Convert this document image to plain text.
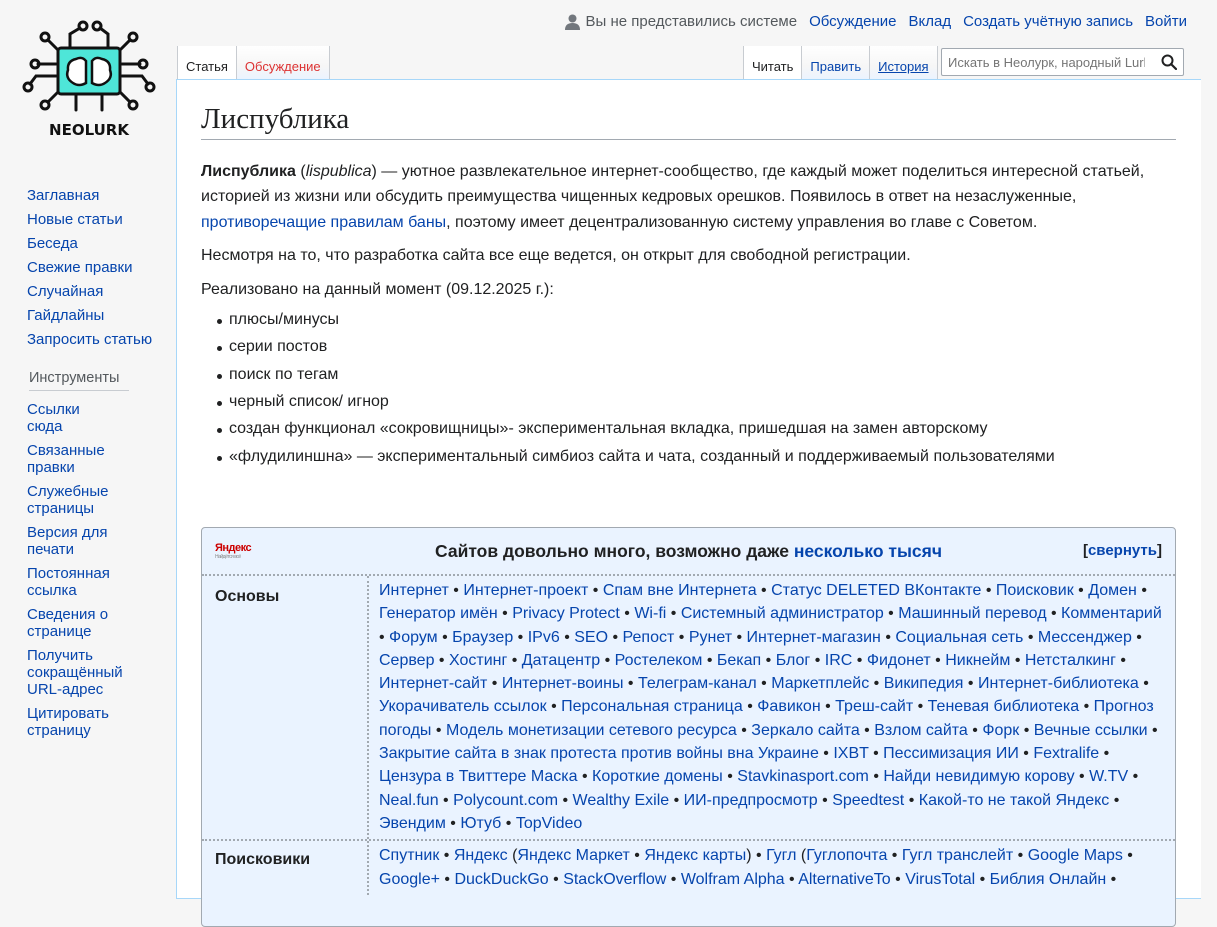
NEOLURK
Вы не представились системе Обсуждение Вклад Создать учётную запись Войти
Статья	Обсуждение	Читать	Править	История
Искать в Неолурк, народный Lurkmore
Заглавная
Новые статьи
Беседа
Свежие правки
Случайная
Гайдлайны
Запросить статью
Инструменты
Ссылки сюда
Связанные правки
Служебные страницы
Версия для печати
Постоянная ссылка
Сведения о странице
Получить сокращённый URL-адрес
Цитировать страницу
Лиспублика

Лиспублика (lispublica) — уютное развлекательное интернет-сообщество, где каждый может поделиться интересной статьей, историей из жизни или обсудить преимущества чищенных кедровых орешков. Появилось в ответ на незаслуженные, противоречащие правилам баны, поэтому имеет децентрализованную систему управления во главе с Советом.

Несмотря на то, что разработка сайта все еще ведется, он открыт для свободной регистрации.

Реализовано на данный момент (09.12.2025 г.):

плюсы/минусы
серии постов
поиск по тегам
черный список/ игнор
создан функционал «сокровищницы»- экспериментальная вкладка, пришедшая на замен авторскому
«флудилиншна» — экспериментальный симбиоз сайта и чата, созданный и поддерживаемый пользователями
Яндекс
Найдётся всё	Сайтов довольно много, возможно даже
несколько тысяч	[свернуть]
Основы	Интернет • Интернет-проект • Спам вне Интернета • Статус DELETED ВКонтакте • Поисковик • Домен • Генератор имён • Privacy Protect • Wi-fi • Системный администратор • Машинный перевод • Комментарий • Форум • Браузер • IPv6 • SEO • Репост • Рунет • Интернет-магазин • Социальная сеть • Мессенджер • Сервер • Хостинг • Датацентр • Ростелеком • Бекап • Блог • IRC • Фидонет • Никнейм • Нетсталкинг • Интернет-сайт • Интернет-воины • Телеграм-канал • Маркетплейс • Википедия • Интернет-библиотека • Укорачиватель ссылок • Персональная страница • Фавикон • Треш-сайт • Теневая библиотека • Прогноз погоды • Модель монетизации сетевого ресурса • Зеркало сайта • Взлом сайта • Форк • Вечные ссылки • Закрытие сайта в знак протеста против войны вна Украине • IXBT • Пессимизация ИИ • Fextralife • Цензура в Твиттере Маска • Короткие домены • Stavkinasport.com • Найди невидимую корову • W.TV • Neal.fun • Polycount.com • Wealthy Exile • ИИ-предпросмотр • Speedtest • Какой-то не такой Яндекс • Эвендим • Ютуб • TopVideo
Поисковики	Спутник • Яндекс (Яндекс Маркет • Яндекс карты) • Гугл (Гуглопочта • Гугл транслейт • Google Maps • Google+ • DuckDuckGo • StackOverflow • Wolfram Alpha • AlternativeTo • VirusTotal • Библия Онлайн •
